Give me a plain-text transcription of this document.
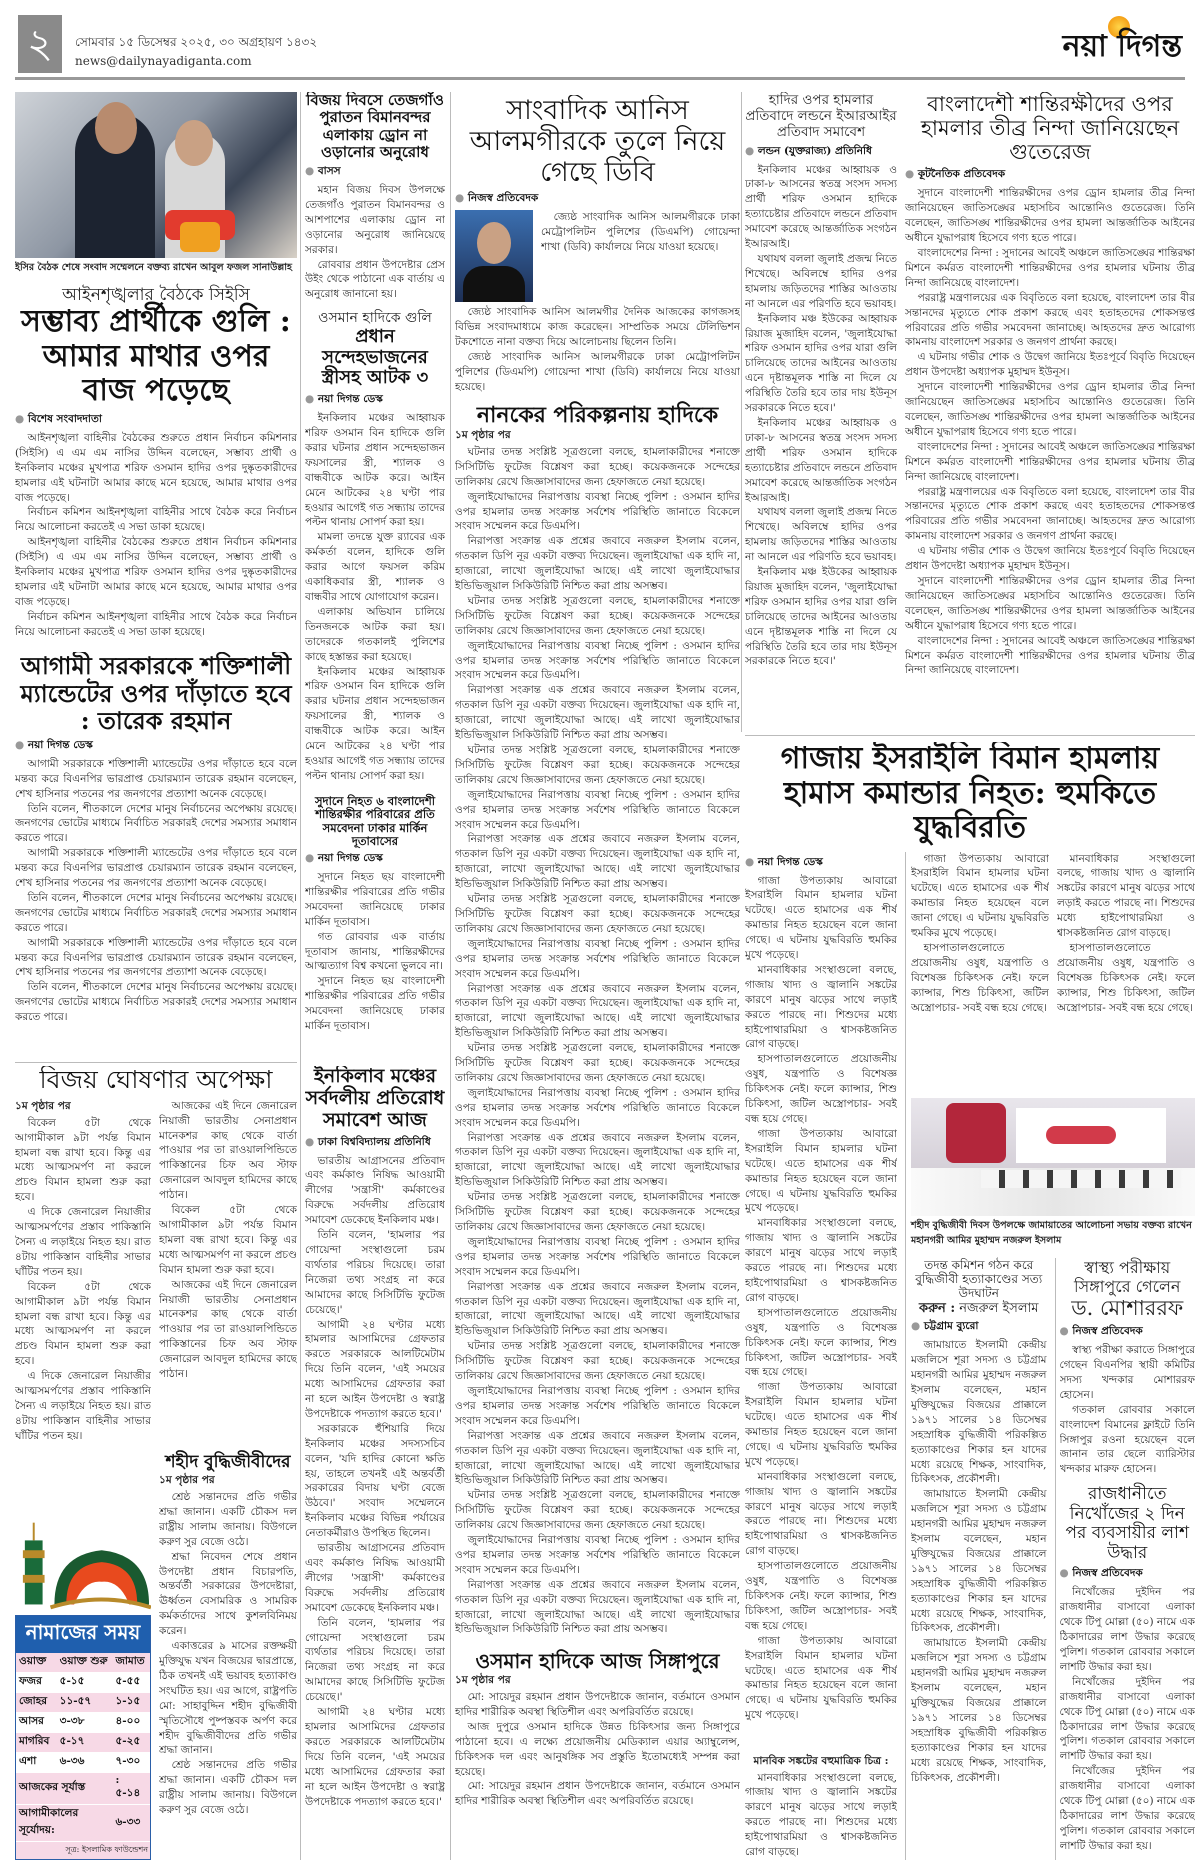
২	সোমবার ১৫ ডিসেম্বর ২০২৫, ৩০ অগ্রহায়ণ ১৪৩২
news@dailynayadiganta.com	নয়া দিগন্ত
ইসির বৈঠক শেষে সংবাদ সম্মেলনে বক্তব্য রাখেন আবুল ফজল সানাউল্লাহ
আইনশৃঙ্খলার বৈঠকে সিইসি
সম্ভাব্য প্রার্থীকে গুলি : আমার মাথার ওপর বাজ পড়েছে
● বিশেষ সংবাদদাতা

আইনশৃঙ্খলা বাহিনীর বৈঠকের শুরুতে প্রধান নির্বাচন কমিশনার (সিইসি) এ এম এম নাসির উদ্দিন বলেছেন, সম্ভাব্য প্রার্থী ও ইনকিলাব মঞ্চের মুখপাত্র শরিফ ওসমান হাদির ওপর দুষ্কৃতকারীদের হামলার এই ঘটনাটা আমার কাছে মনে হয়েছে, আমার মাথার ওপর বাজ পড়েছে।

নির্বাচন কমিশন আইনশৃঙ্খলা বাহিনীর সাথে বৈঠক করে নির্বাচন নিয়ে আলোচনা করতেই এ সভা ডাকা হয়েছে।

আইনশৃঙ্খলা বাহিনীর বৈঠকের শুরুতে প্রধান নির্বাচন কমিশনার (সিইসি) এ এম এম নাসির উদ্দিন বলেছেন, সম্ভাব্য প্রার্থী ও ইনকিলাব মঞ্চের মুখপাত্র শরিফ ওসমান হাদির ওপর দুষ্কৃতকারীদের হামলার এই ঘটনাটা আমার কাছে মনে হয়েছে, আমার মাথার ওপর বাজ পড়েছে।

নির্বাচন কমিশন আইনশৃঙ্খলা বাহিনীর সাথে বৈঠক করে নির্বাচন নিয়ে আলোচনা করতেই এ সভা ডাকা হয়েছে।

আগামী সরকারকে শক্তিশালী ম্যান্ডেটের ওপর দাঁড়াতে হবে : তারেক রহমান
● নয়া দিগন্ত ডেস্ক

আগামী সরকারকে শক্তিশালী ম্যান্ডেটের ওপর দাঁড়াতে হবে বলে মন্তব্য করে বিএনপির ভারপ্রাপ্ত চেয়ারম্যান তারেক রহমান বলেছেন, শেখ হাসিনার পতনের পর জনগণের প্রত্যাশা অনেক বেড়েছে।

তিনি বলেন, শীতকালে দেশের মানুষ নির্বাচনের অপেক্ষায় রয়েছে। জনগণের ভোটের মাধ্যমে নির্বাচিত সরকারই দেশের সমস্যার সমাধান করতে পারে।

আগামী সরকারকে শক্তিশালী ম্যান্ডেটের ওপর দাঁড়াতে হবে বলে মন্তব্য করে বিএনপির ভারপ্রাপ্ত চেয়ারম্যান তারেক রহমান বলেছেন, শেখ হাসিনার পতনের পর জনগণের প্রত্যাশা অনেক বেড়েছে।

তিনি বলেন, শীতকালে দেশের মানুষ নির্বাচনের অপেক্ষায় রয়েছে। জনগণের ভোটের মাধ্যমে নির্বাচিত সরকারই দেশের সমস্যার সমাধান করতে পারে।

আগামী সরকারকে শক্তিশালী ম্যান্ডেটের ওপর দাঁড়াতে হবে বলে মন্তব্য করে বিএনপির ভারপ্রাপ্ত চেয়ারম্যান তারেক রহমান বলেছেন, শেখ হাসিনার পতনের পর জনগণের প্রত্যাশা অনেক বেড়েছে।

তিনি বলেন, শীতকালে দেশের মানুষ নির্বাচনের অপেক্ষায় রয়েছে। জনগণের ভোটের মাধ্যমে নির্বাচিত সরকারই দেশের সমস্যার সমাধান করতে পারে।

বিজয় দিবসে তেজগাঁও পুরাতন বিমানবন্দর এলাকায় ড্রোন না ওড়ানোর অনুরোধ
● বাসস

মহান বিজয় দিবস উপলক্ষে তেজগাঁও পুরাতন বিমানবন্দর ও আশপাশের এলাকায় ড্রোন না ওড়ানোর অনুরোধ জানিয়েছে সরকার।

রোববার প্রধান উপদেষ্টার প্রেস উইং থেকে পাঠানো এক বার্তায় এ অনুরোধ জানানো হয়।

ওসমান হাদিকে গুলি
প্রধান সন্দেহভাজনের স্ত্রীসহ আটক ৩
● নয়া দিগন্ত ডেস্ক

ইনকিলাব মঞ্চের আহ্বায়ক শরিফ ওসমান বিন হাদিকে গুলি করার ঘটনার প্রধান সন্দেহভাজন ফয়সালের স্ত্রী, শ্যালক ও বান্ধবীকে আটক করে। আইন মেনে আটকের ২৪ ঘণ্টা পার হওয়ার আগেই গত সন্ধ্যায় তাদের পল্টন থানায় সোপর্দ করা হয়।

মামলা তদন্তে যুক্ত র‍্যাবের এক কর্মকর্তা বলেন, হাদিকে গুলি করার আগে ফয়সল করিম একাধিকবার স্ত্রী, শ্যালক ও বান্ধবীর সাথে যোগাযোগ করেন।

এলাকায় অভিযান চালিয়ে তিনজনকে আটক করা হয়। তাদেরকে গতকালই পুলিশের কাছে হস্তান্তর করা হয়েছে।

ইনকিলাব মঞ্চের আহ্বায়ক শরিফ ওসমান বিন হাদিকে গুলি করার ঘটনার প্রধান সন্দেহভাজন ফয়সালের স্ত্রী, শ্যালক ও বান্ধবীকে আটক করে। আইন মেনে আটকের ২৪ ঘণ্টা পার হওয়ার আগেই গত সন্ধ্যায় তাদের পল্টন থানায় সোপর্দ করা হয়।

সুদানে নিহত ৬ বাংলাদেশী শান্তিরক্ষীর পরিবারের প্রতি সমবেদনা ঢাকার মার্কিন দূতাবাসের
● নয়া দিগন্ত ডেস্ক

সুদানে নিহত ছয় বাংলাদেশী শান্তিরক্ষীর পরিবারের প্রতি গভীর সমবেদনা জানিয়েছে ঢাকার মার্কিন দূতাবাস।

গত রোববার এক বার্তায় দূতাবাস জানায়, শান্তিরক্ষীদের আত্মত্যাগ বিশ্ব কখনো ভুলবে না।

সুদানে নিহত ছয় বাংলাদেশী শান্তিরক্ষীর পরিবারের প্রতি গভীর সমবেদনা জানিয়েছে ঢাকার মার্কিন দূতাবাস।

সাংবাদিক আনিস আলমগীরকে তুলে নিয়ে গেছে ডিবি
● নিজস্ব প্রতিবেদক

জ্যেষ্ঠ সাংবাদিক আনিস আলমগীরকে ঢাকা মেট্রোপলিটন পুলিশের (ডিএমপি) গোয়েন্দা শাখা (ডিবি) কার্যালয়ে নিয়ে যাওয়া হয়েছে।

জ্যেষ্ঠ সাংবাদিক আনিস আলমগীর দৈনিক আজকের কাগজসহ বিভিন্ন সংবাদমাধ্যমে কাজ করেছেন। সাম্প্রতিক সময়ে টেলিভিশন টকশোতে নানা বক্তব্য দিয়ে আলোচনায় ছিলেন তিনি।

জ্যেষ্ঠ সাংবাদিক আনিস আলমগীরকে ঢাকা মেট্রোপলিটন পুলিশের (ডিএমপি) গোয়েন্দা শাখা (ডিবি) কার্যালয়ে নিয়ে যাওয়া হয়েছে।

নানকের পরিকল্পনায় হাদিকে
১ম পৃষ্ঠার পর

ঘটনার তদন্ত সংশ্লিষ্ট সূত্রগুলো বলছে, হামলাকারীদের শনাক্তে সিসিটিভি ফুটেজ বিশ্লেষণ করা হচ্ছে। কয়েকজনকে সন্দেহের তালিকায় রেখে জিজ্ঞাসাবাদের জন্য হেফাজতে নেয়া হয়েছে।

জুলাইযোদ্ধাদের নিরাপত্তায় ব্যবস্থা নিচ্ছে পুলিশ : ওসমান হাদির ওপর হামলার তদন্ত সংক্রান্ত সর্বশেষ পরিস্থিতি জানাতে বিকেলে সংবাদ সম্মেলন করে ডিএমপি।

নিরাপত্তা সংক্রান্ত এক প্রশ্নের জবাবে নজরুল ইসলাম বলেন, গতকাল ডিপি নূর একটা বক্তব্য দিয়েছেন। জুলাইযোদ্ধা এক হাদি না, হাজারো, লাখো জুলাইযোদ্ধা আছে। এই লাখো জুলাইযোদ্ধার ইন্ডিভিজুয়াল সিকিউরিটি নিশ্চিত করা প্রায় অসম্ভব।

ঘটনার তদন্ত সংশ্লিষ্ট সূত্রগুলো বলছে, হামলাকারীদের শনাক্তে সিসিটিভি ফুটেজ বিশ্লেষণ করা হচ্ছে। কয়েকজনকে সন্দেহের তালিকায় রেখে জিজ্ঞাসাবাদের জন্য হেফাজতে নেয়া হয়েছে।

জুলাইযোদ্ধাদের নিরাপত্তায় ব্যবস্থা নিচ্ছে পুলিশ : ওসমান হাদির ওপর হামলার তদন্ত সংক্রান্ত সর্বশেষ পরিস্থিতি জানাতে বিকেলে সংবাদ সম্মেলন করে ডিএমপি।

নিরাপত্তা সংক্রান্ত এক প্রশ্নের জবাবে নজরুল ইসলাম বলেন, গতকাল ডিপি নূর একটা বক্তব্য দিয়েছেন। জুলাইযোদ্ধা এক হাদি না, হাজারো, লাখো জুলাইযোদ্ধা আছে। এই লাখো জুলাইযোদ্ধার ইন্ডিভিজুয়াল সিকিউরিটি নিশ্চিত করা প্রায় অসম্ভব।

ঘটনার তদন্ত সংশ্লিষ্ট সূত্রগুলো বলছে, হামলাকারীদের শনাক্তে সিসিটিভি ফুটেজ বিশ্লেষণ করা হচ্ছে। কয়েকজনকে সন্দেহের তালিকায় রেখে জিজ্ঞাসাবাদের জন্য হেফাজতে নেয়া হয়েছে।

জুলাইযোদ্ধাদের নিরাপত্তায় ব্যবস্থা নিচ্ছে পুলিশ : ওসমান হাদির ওপর হামলার তদন্ত সংক্রান্ত সর্বশেষ পরিস্থিতি জানাতে বিকেলে সংবাদ সম্মেলন করে ডিএমপি।

নিরাপত্তা সংক্রান্ত এক প্রশ্নের জবাবে নজরুল ইসলাম বলেন, গতকাল ডিপি নূর একটা বক্তব্য দিয়েছেন। জুলাইযোদ্ধা এক হাদি না, হাজারো, লাখো জুলাইযোদ্ধা আছে। এই লাখো জুলাইযোদ্ধার ইন্ডিভিজুয়াল সিকিউরিটি নিশ্চিত করা প্রায় অসম্ভব।

ঘটনার তদন্ত সংশ্লিষ্ট সূত্রগুলো বলছে, হামলাকারীদের শনাক্তে সিসিটিভি ফুটেজ বিশ্লেষণ করা হচ্ছে। কয়েকজনকে সন্দেহের তালিকায় রেখে জিজ্ঞাসাবাদের জন্য হেফাজতে নেয়া হয়েছে।

জুলাইযোদ্ধাদের নিরাপত্তায় ব্যবস্থা নিচ্ছে পুলিশ : ওসমান হাদির ওপর হামলার তদন্ত সংক্রান্ত সর্বশেষ পরিস্থিতি জানাতে বিকেলে সংবাদ সম্মেলন করে ডিএমপি।

নিরাপত্তা সংক্রান্ত এক প্রশ্নের জবাবে নজরুল ইসলাম বলেন, গতকাল ডিপি নূর একটা বক্তব্য দিয়েছেন। জুলাইযোদ্ধা এক হাদি না, হাজারো, লাখো জুলাইযোদ্ধা আছে। এই লাখো জুলাইযোদ্ধার ইন্ডিভিজুয়াল সিকিউরিটি নিশ্চিত করা প্রায় অসম্ভব।

ঘটনার তদন্ত সংশ্লিষ্ট সূত্রগুলো বলছে, হামলাকারীদের শনাক্তে সিসিটিভি ফুটেজ বিশ্লেষণ করা হচ্ছে। কয়েকজনকে সন্দেহের তালিকায় রেখে জিজ্ঞাসাবাদের জন্য হেফাজতে নেয়া হয়েছে।

জুলাইযোদ্ধাদের নিরাপত্তায় ব্যবস্থা নিচ্ছে পুলিশ : ওসমান হাদির ওপর হামলার তদন্ত সংক্রান্ত সর্বশেষ পরিস্থিতি জানাতে বিকেলে সংবাদ সম্মেলন করে ডিএমপি।

নিরাপত্তা সংক্রান্ত এক প্রশ্নের জবাবে নজরুল ইসলাম বলেন, গতকাল ডিপি নূর একটা বক্তব্য দিয়েছেন। জুলাইযোদ্ধা এক হাদি না, হাজারো, লাখো জুলাইযোদ্ধা আছে। এই লাখো জুলাইযোদ্ধার ইন্ডিভিজুয়াল সিকিউরিটি নিশ্চিত করা প্রায় অসম্ভব।

ঘটনার তদন্ত সংশ্লিষ্ট সূত্রগুলো বলছে, হামলাকারীদের শনাক্তে সিসিটিভি ফুটেজ বিশ্লেষণ করা হচ্ছে। কয়েকজনকে সন্দেহের তালিকায় রেখে জিজ্ঞাসাবাদের জন্য হেফাজতে নেয়া হয়েছে।

জুলাইযোদ্ধাদের নিরাপত্তায় ব্যবস্থা নিচ্ছে পুলিশ : ওসমান হাদির ওপর হামলার তদন্ত সংক্রান্ত সর্বশেষ পরিস্থিতি জানাতে বিকেলে সংবাদ সম্মেলন করে ডিএমপি।

নিরাপত্তা সংক্রান্ত এক প্রশ্নের জবাবে নজরুল ইসলাম বলেন, গতকাল ডিপি নূর একটা বক্তব্য দিয়েছেন। জুলাইযোদ্ধা এক হাদি না, হাজারো, লাখো জুলাইযোদ্ধা আছে। এই লাখো জুলাইযোদ্ধার ইন্ডিভিজুয়াল সিকিউরিটি নিশ্চিত করা প্রায় অসম্ভব।

ঘটনার তদন্ত সংশ্লিষ্ট সূত্রগুলো বলছে, হামলাকারীদের শনাক্তে সিসিটিভি ফুটেজ বিশ্লেষণ করা হচ্ছে। কয়েকজনকে সন্দেহের তালিকায় রেখে জিজ্ঞাসাবাদের জন্য হেফাজতে নেয়া হয়েছে।

জুলাইযোদ্ধাদের নিরাপত্তায় ব্যবস্থা নিচ্ছে পুলিশ : ওসমান হাদির ওপর হামলার তদন্ত সংক্রান্ত সর্বশেষ পরিস্থিতি জানাতে বিকেলে সংবাদ সম্মেলন করে ডিএমপি।

নিরাপত্তা সংক্রান্ত এক প্রশ্নের জবাবে নজরুল ইসলাম বলেন, গতকাল ডিপি নূর একটা বক্তব্য দিয়েছেন। জুলাইযোদ্ধা এক হাদি না, হাজারো, লাখো জুলাইযোদ্ধা আছে। এই লাখো জুলাইযোদ্ধার ইন্ডিভিজুয়াল সিকিউরিটি নিশ্চিত করা প্রায় অসম্ভব।

ঘটনার তদন্ত সংশ্লিষ্ট সূত্রগুলো বলছে, হামলাকারীদের শনাক্তে সিসিটিভি ফুটেজ বিশ্লেষণ করা হচ্ছে। কয়েকজনকে সন্দেহের তালিকায় রেখে জিজ্ঞাসাবাদের জন্য হেফাজতে নেয়া হয়েছে।

জুলাইযোদ্ধাদের নিরাপত্তায় ব্যবস্থা নিচ্ছে পুলিশ : ওসমান হাদির ওপর হামলার তদন্ত সংক্রান্ত সর্বশেষ পরিস্থিতি জানাতে বিকেলে সংবাদ সম্মেলন করে ডিএমপি।

নিরাপত্তা সংক্রান্ত এক প্রশ্নের জবাবে নজরুল ইসলাম বলেন, গতকাল ডিপি নূর একটা বক্তব্য দিয়েছেন। জুলাইযোদ্ধা এক হাদি না, হাজারো, লাখো জুলাইযোদ্ধা আছে। এই লাখো জুলাইযোদ্ধার ইন্ডিভিজুয়াল সিকিউরিটি নিশ্চিত করা প্রায় অসম্ভব।

ওসমান হাদিকে আজ সিঙ্গাপুরে
১ম পৃষ্ঠার পর

মো: সায়েদুর রহমান প্রধান উপদেষ্টাকে জানান, বর্তমানে ওসমান হাদির শারীরিক অবস্থা স্থিতিশীল এবং অপরিবর্তিত রয়েছে।

আজ দুপুরে ওসমান হাদিকে উন্নত চিকিৎসার জন্য সিঙ্গাপুরে পাঠানো হবে। এ লক্ষ্যে প্রয়োজনীয় মেডিক্যাল এয়ার অ্যাম্বুলেন্স, চিকিৎসক দল এবং আনুষঙ্গিক সব প্রস্তুতি ইতোমধ্যেই সম্পন্ন করা হয়েছে।

মো: সায়েদুর রহমান প্রধান উপদেষ্টাকে জানান, বর্তমানে ওসমান হাদির শারীরিক অবস্থা স্থিতিশীল এবং অপরিবর্তিত রয়েছে।

হাদির ওপর হামলার প্রতিবাদে লন্ডনে ইআরআইর প্রতিবাদ সমাবেশ
● লন্ডন (যুক্তরাজ্য) প্রতিনিধি

ইনকিলাব মঞ্চের আহ্বায়ক ও ঢাকা-৮ আসনের স্বতন্ত্র সংসদ সদস্য প্রার্থী শরিফ ওসমান হাদিকে হত্যাচেষ্টার প্রতিবাদে লন্ডনে প্রতিবাদ সমাবেশ করেছে আন্তর্জাতিক সংগঠন ইআরআই।

যথাযথ বললা জুলাই প্রজন্ম নিতে শিখেছে। অবিলম্বে হাদির ওপর হামলায় জড়িতদের শাস্তির আওতায় না আনলে এর পরিণতি হবে ভয়াবহ।

ইনকিলাব মঞ্চ ইউকের আহ্বায়ক রিয়াজ মুজাহিদ বলেন, 'জুলাইযোদ্ধা শরিফ ওসমান হাদির ওপর যারা গুলি চালিয়েছে তাদের আইনের আওতায় এনে দৃষ্টান্তমূলক শাস্তি না দিলে যে পরিস্থিতি তৈরি হবে তার দায় ইউনূস সরকারকে নিতে হবে।'

ইনকিলাব মঞ্চের আহ্বায়ক ও ঢাকা-৮ আসনের স্বতন্ত্র সংসদ সদস্য প্রার্থী শরিফ ওসমান হাদিকে হত্যাচেষ্টার প্রতিবাদে লন্ডনে প্রতিবাদ সমাবেশ করেছে আন্তর্জাতিক সংগঠন ইআরআই।

যথাযথ বললা জুলাই প্রজন্ম নিতে শিখেছে। অবিলম্বে হাদির ওপর হামলায় জড়িতদের শাস্তির আওতায় না আনলে এর পরিণতি হবে ভয়াবহ।

ইনকিলাব মঞ্চ ইউকের আহ্বায়ক রিয়াজ মুজাহিদ বলেন, 'জুলাইযোদ্ধা শরিফ ওসমান হাদির ওপর যারা গুলি চালিয়েছে তাদের আইনের আওতায় এনে দৃষ্টান্তমূলক শাস্তি না দিলে যে পরিস্থিতি তৈরি হবে তার দায় ইউনূস সরকারকে নিতে হবে।'

বাংলাদেশী শান্তিরক্ষীদের ওপর হামলার তীব্র নিন্দা জানিয়েছেন গুতেরেজ
● কূটনৈতিক প্রতিবেদক

সুদানে বাংলাদেশী শান্তিরক্ষীদের ওপর ড্রোন হামলার তীব্র নিন্দা জানিয়েছেন জাতিসঙ্ঘের মহাসচিব আন্তোনিও গুতেরেজ। তিনি বলেছেন, জাতিসঙ্ঘ শান্তিরক্ষীদের ওপর হামলা আন্তর্জাতিক আইনের অধীনে যুদ্ধাপরাধ হিসেবে গণ্য হতে পারে।

বাংলাদেশের নিন্দা : সুদানের আবেই অঞ্চলে জাতিসঙ্ঘের শান্তিরক্ষা মিশনে কর্মরত বাংলাদেশী শান্তিরক্ষীদের ওপর হামলার ঘটনায় তীব্র নিন্দা জানিয়েছে বাংলাদেশ।

পররাষ্ট্র মন্ত্রণালয়ের এক বিবৃতিতে বলা হয়েছে, বাংলাদেশ তার বীর সন্তানদের মৃত্যুতে শোক প্রকাশ করছে এবং হতাহতদের শোকসন্তপ্ত পরিবারের প্রতি গভীর সমবেদনা জানাচ্ছে। আহতদের দ্রুত আরোগ্য কামনায় বাংলাদেশ সরকার ও জনগণ প্রার্থনা করছে।

এ ঘটনায় গভীর শোক ও উদ্বেগ জানিয়ে ইতঃপূর্বে বিবৃতি দিয়েছেন প্রধান উপদেষ্টা অধ্যাপক মুহাম্মদ ইউনূস।

সুদানে বাংলাদেশী শান্তিরক্ষীদের ওপর ড্রোন হামলার তীব্র নিন্দা জানিয়েছেন জাতিসঙ্ঘের মহাসচিব আন্তোনিও গুতেরেজ। তিনি বলেছেন, জাতিসঙ্ঘ শান্তিরক্ষীদের ওপর হামলা আন্তর্জাতিক আইনের অধীনে যুদ্ধাপরাধ হিসেবে গণ্য হতে পারে।

বাংলাদেশের নিন্দা : সুদানের আবেই অঞ্চলে জাতিসঙ্ঘের শান্তিরক্ষা মিশনে কর্মরত বাংলাদেশী শান্তিরক্ষীদের ওপর হামলার ঘটনায় তীব্র নিন্দা জানিয়েছে বাংলাদেশ।

পররাষ্ট্র মন্ত্রণালয়ের এক বিবৃতিতে বলা হয়েছে, বাংলাদেশ তার বীর সন্তানদের মৃত্যুতে শোক প্রকাশ করছে এবং হতাহতদের শোকসন্তপ্ত পরিবারের প্রতি গভীর সমবেদনা জানাচ্ছে। আহতদের দ্রুত আরোগ্য কামনায় বাংলাদেশ সরকার ও জনগণ প্রার্থনা করছে।

এ ঘটনায় গভীর শোক ও উদ্বেগ জানিয়ে ইতঃপূর্বে বিবৃতি দিয়েছেন প্রধান উপদেষ্টা অধ্যাপক মুহাম্মদ ইউনূস।

সুদানে বাংলাদেশী শান্তিরক্ষীদের ওপর ড্রোন হামলার তীব্র নিন্দা জানিয়েছেন জাতিসঙ্ঘের মহাসচিব আন্তোনিও গুতেরেজ। তিনি বলেছেন, জাতিসঙ্ঘ শান্তিরক্ষীদের ওপর হামলা আন্তর্জাতিক আইনের অধীনে যুদ্ধাপরাধ হিসেবে গণ্য হতে পারে।

বাংলাদেশের নিন্দা : সুদানের আবেই অঞ্চলে জাতিসঙ্ঘের শান্তিরক্ষা মিশনে কর্মরত বাংলাদেশী শান্তিরক্ষীদের ওপর হামলার ঘটনায় তীব্র নিন্দা জানিয়েছে বাংলাদেশ।

গাজায় ইসরাইলি বিমান হামলায় হামাস কমান্ডার নিহত: হুমকিতে যুদ্ধবিরতি
● নয়া দিগন্ত ডেস্ক

গাজা উপত্যকায় আবারো ইসরাইলি বিমান হামলার ঘটনা ঘটেছে। এতে হামাসের এক শীর্ষ কমান্ডার নিহত হয়েছেন বলে জানা গেছে। এ ঘটনায় যুদ্ধবিরতি হুমকির মুখে পড়েছে।

মানবাধিকার সংস্থাগুলো বলছে, গাজায় খাদ্য ও জ্বালানি সঙ্কটের কারণে মানুষ ঝড়ের সাথে লড়াই করতে পারছে না। শিশুদের মধ্যে হাইপোথারমিয়া ও শ্বাসকষ্টজনিত রোগ বাড়ছে।

হাসপাতালগুলোতে প্রয়োজনীয় ওষুধ, যন্ত্রপাতি ও বিশেষজ্ঞ চিকিৎসক নেই। ফলে ক্যান্সার, শিশু চিকিৎসা, জটিল অস্ত্রোপচার- সবই বন্ধ হয়ে গেছে।

গাজা উপত্যকায় আবারো ইসরাইলি বিমান হামলার ঘটনা ঘটেছে। এতে হামাসের এক শীর্ষ কমান্ডার নিহত হয়েছেন বলে জানা গেছে। এ ঘটনায় যুদ্ধবিরতি হুমকির মুখে পড়েছে।

মানবাধিকার সংস্থাগুলো বলছে, গাজায় খাদ্য ও জ্বালানি সঙ্কটের কারণে মানুষ ঝড়ের সাথে লড়াই করতে পারছে না। শিশুদের মধ্যে হাইপোথারমিয়া ও শ্বাসকষ্টজনিত রোগ বাড়ছে।

হাসপাতালগুলোতে প্রয়োজনীয় ওষুধ, যন্ত্রপাতি ও বিশেষজ্ঞ চিকিৎসক নেই। ফলে ক্যান্সার, শিশু চিকিৎসা, জটিল অস্ত্রোপচার- সবই বন্ধ হয়ে গেছে।

গাজা উপত্যকায় আবারো ইসরাইলি বিমান হামলার ঘটনা ঘটেছে। এতে হামাসের এক শীর্ষ কমান্ডার নিহত হয়েছেন বলে জানা গেছে। এ ঘটনায় যুদ্ধবিরতি হুমকির মুখে পড়েছে।

মানবাধিকার সংস্থাগুলো বলছে, গাজায় খাদ্য ও জ্বালানি সঙ্কটের কারণে মানুষ ঝড়ের সাথে লড়াই করতে পারছে না। শিশুদের মধ্যে হাইপোথারমিয়া ও শ্বাসকষ্টজনিত রোগ বাড়ছে।

হাসপাতালগুলোতে প্রয়োজনীয় ওষুধ, যন্ত্রপাতি ও বিশেষজ্ঞ চিকিৎসক নেই। ফলে ক্যান্সার, শিশু চিকিৎসা, জটিল অস্ত্রোপচার- সবই বন্ধ হয়ে গেছে।

গাজা উপত্যকায় আবারো ইসরাইলি বিমান হামলার ঘটনা ঘটেছে। এতে হামাসের এক শীর্ষ কমান্ডার নিহত হয়েছেন বলে জানা গেছে। এ ঘটনায় যুদ্ধবিরতি হুমকির মুখে পড়েছে।

মানবিক সঙ্কটের বহুমাত্রিক চিত্র :

মানবাধিকার সংস্থাগুলো বলছে, গাজায় খাদ্য ও জ্বালানি সঙ্কটের কারণে মানুষ ঝড়ের সাথে লড়াই করতে পারছে না। শিশুদের মধ্যে হাইপোথারমিয়া ও শ্বাসকষ্টজনিত রোগ বাড়ছে।

গাজা উপত্যকায় আবারো ইসরাইলি বিমান হামলার ঘটনা ঘটেছে। এতে হামাসের এক শীর্ষ কমান্ডার নিহত হয়েছেন বলে জানা গেছে। এ ঘটনায় যুদ্ধবিরতি হুমকির মুখে পড়েছে।

হাসপাতালগুলোতে প্রয়োজনীয় ওষুধ, যন্ত্রপাতি ও বিশেষজ্ঞ চিকিৎসক নেই। ফলে ক্যান্সার, শিশু চিকিৎসা, জটিল অস্ত্রোপচার- সবই বন্ধ হয়ে গেছে।

মানবাধিকার সংস্থাগুলো বলছে, গাজায় খাদ্য ও জ্বালানি সঙ্কটের কারণে মানুষ ঝড়ের সাথে লড়াই করতে পারছে না। শিশুদের মধ্যে হাইপোথারমিয়া ও শ্বাসকষ্টজনিত রোগ বাড়ছে।

হাসপাতালগুলোতে প্রয়োজনীয় ওষুধ, যন্ত্রপাতি ও বিশেষজ্ঞ চিকিৎসক নেই। ফলে ক্যান্সার, শিশু চিকিৎসা, জটিল অস্ত্রোপচার- সবই বন্ধ হয়ে গেছে।

শহীদ বুদ্ধিজীবী দিবস উপলক্ষে জামায়াতের আলোচনা সভায় বক্তব্য রাখেন মহানগরী আমির মুহাম্মদ নজরুল ইসলাম
তদন্ত কমিশন গঠন করে বুদ্ধিজীবী হত্যাকাণ্ডের সত্য উদঘাটন
করুন : নজরুল ইসলাম
● চট্টগ্রাম ব্যুরো

জামায়াতে ইসলামী কেন্দ্রীয় মজলিসে শূরা সদস্য ও চট্টগ্রাম মহানগরী আমির মুহাম্মদ নজরুল ইসলাম বলেছেন, মহান মুক্তিযুদ্ধের বিজয়ের প্রাক্কালে ১৯৭১ সালের ১৪ ডিসেম্বর সহস্রাধিক বুদ্ধিজীবী পরিকল্পিত হত্যাকাণ্ডের শিকার হন যাদের মধ্যে রয়েছে শিক্ষক, সাংবাদিক, চিকিৎসক, প্রকৌশলী।

জামায়াতে ইসলামী কেন্দ্রীয় মজলিসে শূরা সদস্য ও চট্টগ্রাম মহানগরী আমির মুহাম্মদ নজরুল ইসলাম বলেছেন, মহান মুক্তিযুদ্ধের বিজয়ের প্রাক্কালে ১৯৭১ সালের ১৪ ডিসেম্বর সহস্রাধিক বুদ্ধিজীবী পরিকল্পিত হত্যাকাণ্ডের শিকার হন যাদের মধ্যে রয়েছে শিক্ষক, সাংবাদিক, চিকিৎসক, প্রকৌশলী।

জামায়াতে ইসলামী কেন্দ্রীয় মজলিসে শূরা সদস্য ও চট্টগ্রাম মহানগরী আমির মুহাম্মদ নজরুল ইসলাম বলেছেন, মহান মুক্তিযুদ্ধের বিজয়ের প্রাক্কালে ১৯৭১ সালের ১৪ ডিসেম্বর সহস্রাধিক বুদ্ধিজীবী পরিকল্পিত হত্যাকাণ্ডের শিকার হন যাদের মধ্যে রয়েছে শিক্ষক, সাংবাদিক, চিকিৎসক, প্রকৌশলী।

স্বাস্থ্য পরীক্ষায় সিঙ্গাপুরে গেলেন
ড. মোশাররফ
● নিজস্ব প্রতিবেদক

স্বাস্থ্য পরীক্ষা করাতে সিঙ্গাপুরে গেছেন বিএনপির স্থায়ী কমিটির সদস্য খন্দকার মোশাররফ হোসেন।

গতকাল রোববার সকালে বাংলাদেশ বিমানের ফ্লাইটে তিনি সিঙ্গাপুর রওনা হয়েছেন বলে জানান তার ছেলে ব্যারিস্টার খন্দকার মারুফ হোসেন।

রাজধানীতে নিখোঁজের ২ দিন পর ব্যবসায়ীর লাশ উদ্ধার
● নিজস্ব প্রতিবেদক

নিখোঁজের দুইদিন পর রাজধানীর বাসাবো এলাকা থেকে টিপু মোল্লা (৫০) নামে এক ঠিকাদারের লাশ উদ্ধার করেছে পুলিশ। গতকাল রোববার সকালে লাশটি উদ্ধার করা হয়।

নিখোঁজের দুইদিন পর রাজধানীর বাসাবো এলাকা থেকে টিপু মোল্লা (৫০) নামে এক ঠিকাদারের লাশ উদ্ধার করেছে পুলিশ। গতকাল রোববার সকালে লাশটি উদ্ধার করা হয়।

নিখোঁজের দুইদিন পর রাজধানীর বাসাবো এলাকা থেকে টিপু মোল্লা (৫০) নামে এক ঠিকাদারের লাশ উদ্ধার করেছে পুলিশ। গতকাল রোববার সকালে লাশটি উদ্ধার করা হয়।

বিজয় ঘোষণার অপেক্ষা
১ম পৃষ্ঠার পর

বিকেল ৫টা থেকে আগামীকাল ৯টা পর্যন্ত বিমান হামলা বন্ধ রাখা হবে। কিন্তু এর মধ্যে আত্মসমর্পণ না করলে প্রচণ্ড বিমান হামলা শুরু করা হবে।

এ দিকে জেনারেল নিয়াজীর আত্মসমর্পণের প্রস্তাব পাকিস্তানি সৈন্য এ লড়াইয়ে নিহত হয়। রাত ৪টায় পাকিস্তান বাহিনীর সাভার ঘাঁটির পতন হয়।

বিকেল ৫টা থেকে আগামীকাল ৯টা পর্যন্ত বিমান হামলা বন্ধ রাখা হবে। কিন্তু এর মধ্যে আত্মসমর্পণ না করলে প্রচণ্ড বিমান হামলা শুরু করা হবে।

এ দিকে জেনারেল নিয়াজীর আত্মসমর্পণের প্রস্তাব পাকিস্তানি সৈন্য এ লড়াইয়ে নিহত হয়। রাত ৪টায় পাকিস্তান বাহিনীর সাভার ঘাঁটির পতন হয়।

নামাজের সময়
ওয়াক্ত	ওয়াক্ত শুরু	জামাত
ফজর	৫-১৫	৫-৫৫
জোহর	১১-৫৭	১-১৫
আসর	৩-৩৮	৪-০০
মাগরিব	৫-১৭	৫-২৫
এশা	৬-৩৬	৭-৩০
আজকের সূর্যাস্ত		: ৫-১৪
আগামীকালের সূর্যোদয়:		৬-৩৩
সূত্র: ইসলামিক ফাউন্ডেশন

আজকের এই দিনে জেনারেল নিয়াজী ভারতীয় সেনাপ্রধান মানেকশর কাছ থেকে বার্তা পাওয়ার পর তা রাওয়ালপিন্ডিতে পাকিস্তানের চিফ অব স্টাফ জেনারেল আবদুল হামিদের কাছে পাঠান।

বিকেল ৫টা থেকে আগামীকাল ৯টা পর্যন্ত বিমান হামলা বন্ধ রাখা হবে। কিন্তু এর মধ্যে আত্মসমর্পণ না করলে প্রচণ্ড বিমান হামলা শুরু করা হবে।

আজকের এই দিনে জেনারেল নিয়াজী ভারতীয় সেনাপ্রধান মানেকশর কাছ থেকে বার্তা পাওয়ার পর তা রাওয়ালপিন্ডিতে পাকিস্তানের চিফ অব স্টাফ জেনারেল আবদুল হামিদের কাছে পাঠান।

শহীদ বুদ্ধিজীবীদের
১ম পৃষ্ঠার পর

শ্রেষ্ঠ সন্তানদের প্রতি গভীর শ্রদ্ধা জানান। একটি চৌকস দল রাষ্ট্রীয় সালাম জানায়। বিউগলে করুণ সুর বেজে ওঠে।

শ্রদ্ধা নিবেদন শেষে প্রধান উপদেষ্টা প্রধান বিচারপতি, অন্তর্বর্তী সরকারের উপদেষ্টারা, ঊর্ধ্বতন বেসামরিক ও সামরিক কর্মকর্তাদের সাথে কুশলবিনিময় করেন।

একাত্তরের ৯ মাসের রক্তক্ষয়ী মুক্তিযুদ্ধ যখন বিজয়ের দ্বারপ্রান্তে, ঠিক তখনই এই ভয়াবহ হত্যাকাণ্ড সংঘটিত হয়। এর আগে, রাষ্ট্রপতি মো: সাহাবুদ্দিন শহীদ বুদ্ধিজীবী স্মৃতিসৌধে পুষ্পস্তবক অর্পণ করে শহীদ বুদ্ধিজীবীদের প্রতি গভীর শ্রদ্ধা জানান।

শ্রেষ্ঠ সন্তানদের প্রতি গভীর শ্রদ্ধা জানান। একটি চৌকস দল রাষ্ট্রীয় সালাম জানায়। বিউগলে করুণ সুর বেজে ওঠে।

ইনকিলাব মঞ্চের সর্বদলীয় প্রতিরোধ সমাবেশ আজ
● ঢাকা বিশ্ববিদ্যালয় প্রতিনিধি

ভারতীয় আগ্রাসনের প্রতিবাদ এবং কর্মকাণ্ড নিষিদ্ধ আওয়ামী লীগের 'সন্ত্রাসী' কর্মকাণ্ডের বিরুদ্ধে সর্বদলীয় প্রতিরোধ সমাবেশ ডেকেছে ইনকিলাব মঞ্চ।

তিনি বলেন, 'হামলার পর গোয়েন্দা সংস্থাগুলো চরম ব্যর্থতার পরিচয় দিয়েছে। তারা নিজেরা তথ্য সংগ্রহ না করে আমাদের কাছে সিসিটিভি ফুটেজ চেয়েছে।'

আগামী ২৪ ঘণ্টার মধ্যে হামলার আসামিদের গ্রেফতার করতে সরকারকে আলটিমেটাম দিয়ে তিনি বলেন, 'এই সময়ের মধ্যে আসামিদের গ্রেফতার করা না হলে আইন উপদেষ্টা ও স্বরাষ্ট্র উপদেষ্টাকে পদত্যাগ করতে হবে।'

সরকারকে হুঁশিয়ারি দিয়ে ইনকিলাব মঞ্চের সদস্যসচিব বলেন, 'যদি হাদির কোনো ক্ষতি হয়, তাহলে তখনই এই অন্তর্বর্তী সরকারের বিদায় ঘণ্টা বেজে উঠবে।' সংবাদ সম্মেলনে ইনকিলাব মঞ্চের বিভিন্ন পর্যায়ের নেতাকর্মীরাও উপস্থিত ছিলেন।

ভারতীয় আগ্রাসনের প্রতিবাদ এবং কর্মকাণ্ড নিষিদ্ধ আওয়ামী লীগের 'সন্ত্রাসী' কর্মকাণ্ডের বিরুদ্ধে সর্বদলীয় প্রতিরোধ সমাবেশ ডেকেছে ইনকিলাব মঞ্চ।

তিনি বলেন, 'হামলার পর গোয়েন্দা সংস্থাগুলো চরম ব্যর্থতার পরিচয় দিয়েছে। তারা নিজেরা তথ্য সংগ্রহ না করে আমাদের কাছে সিসিটিভি ফুটেজ চেয়েছে।'

আগামী ২৪ ঘণ্টার মধ্যে হামলার আসামিদের গ্রেফতার করতে সরকারকে আলটিমেটাম দিয়ে তিনি বলেন, 'এই সময়ের মধ্যে আসামিদের গ্রেফতার করা না হলে আইন উপদেষ্টা ও স্বরাষ্ট্র উপদেষ্টাকে পদত্যাগ করতে হবে।'
